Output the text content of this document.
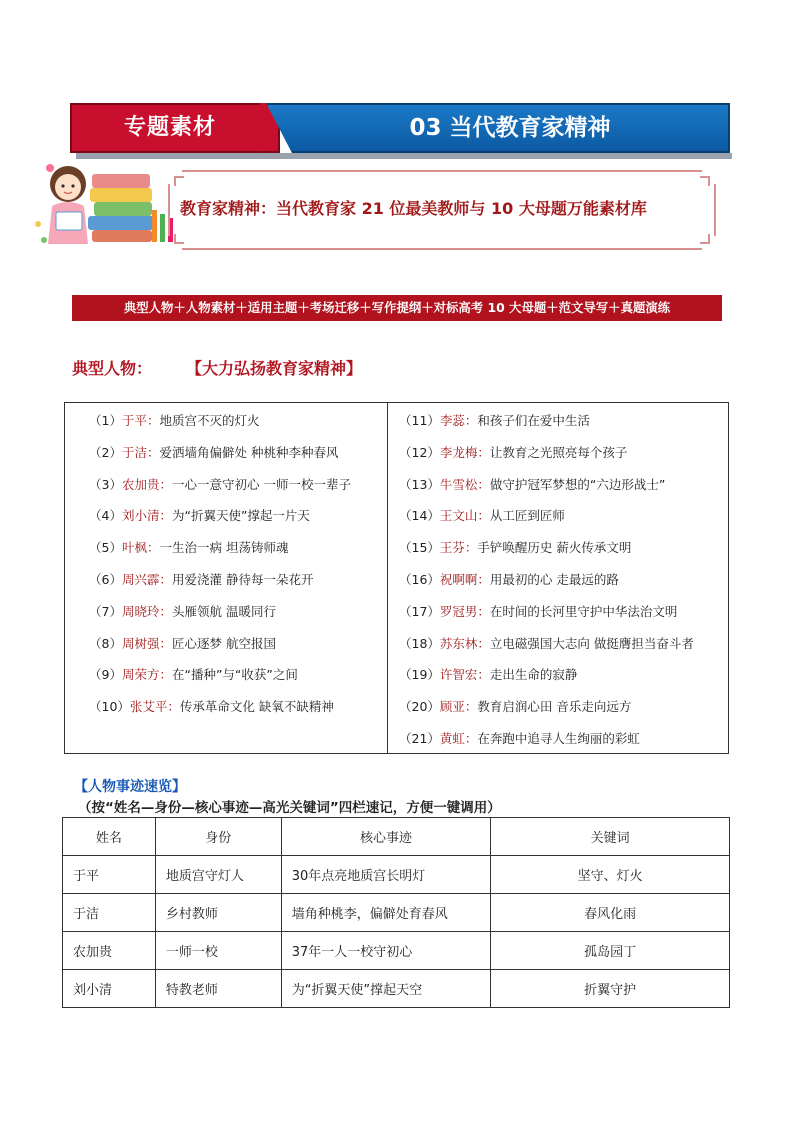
专题素材	03 当代教育家精神
教育家精神：当代教育家 21 位最美教师与 10 大母题万能素材库
典型人物＋人物素材＋适用主题＋考场迁移＋写作提纲＋对标高考 10 大母题＋范文导写＋真题演练
典型人物： 【大力弘扬教育家精神】
（1）于平：地质宫不灭的灯火
（2）于洁：爱洒墙角偏僻处 种桃种李种春风
（3）农加贵：一心一意守初心 一师一校一辈子
（4）刘小清：为“折翼天使”撑起一片天
（5）叶枫：一生治一病 坦荡铸师魂
（6）周兴霹：用爱浇灌 静待每一朵花开
（7）周晓玲：头雁领航 温暖同行
（8）周树强：匠心逐梦 航空报国
（9）周荣方：在“播种”与“收获”之间
（10）张艾平：传承革命文化 缺氧不缺精神
（11）李蕊：和孩子们在爱中生活
（12）李龙梅：让教育之光照亮每个孩子
（13）牛雪松：做守护冠军梦想的“六边形战士”
（14）王文山：从工匠到匠师
（15）王芬：手铲唤醒历史 薪火传承文明
（16）祝啊啊：用最初的心 走最远的路
（17）罗冠男：在时间的长河里守护中华法治文明
（18）苏东林：立电磁强国大志向 做挺膺担当奋斗者
（19）许智宏：走出生命的寂静
（20）顾亚：教育启润心田 音乐走向远方
（21）黄虹：在奔跑中追寻人生绚丽的彩虹
【人物事迹速览】
（按“姓名—身份—核心事迹—高光关键词”四栏速记，方便一键调用）
姓名	身份	核心事迹	关键词
于平	地质宫守灯人	30年点亮地质宫长明灯	坚守、灯火
于洁	乡村教师	墙角种桃李，偏僻处育春风	春风化雨
农加贵	一师一校	37年一人一校守初心	孤岛园丁
刘小清	特教老师	为“折翼天使”撑起天空	折翼守护
